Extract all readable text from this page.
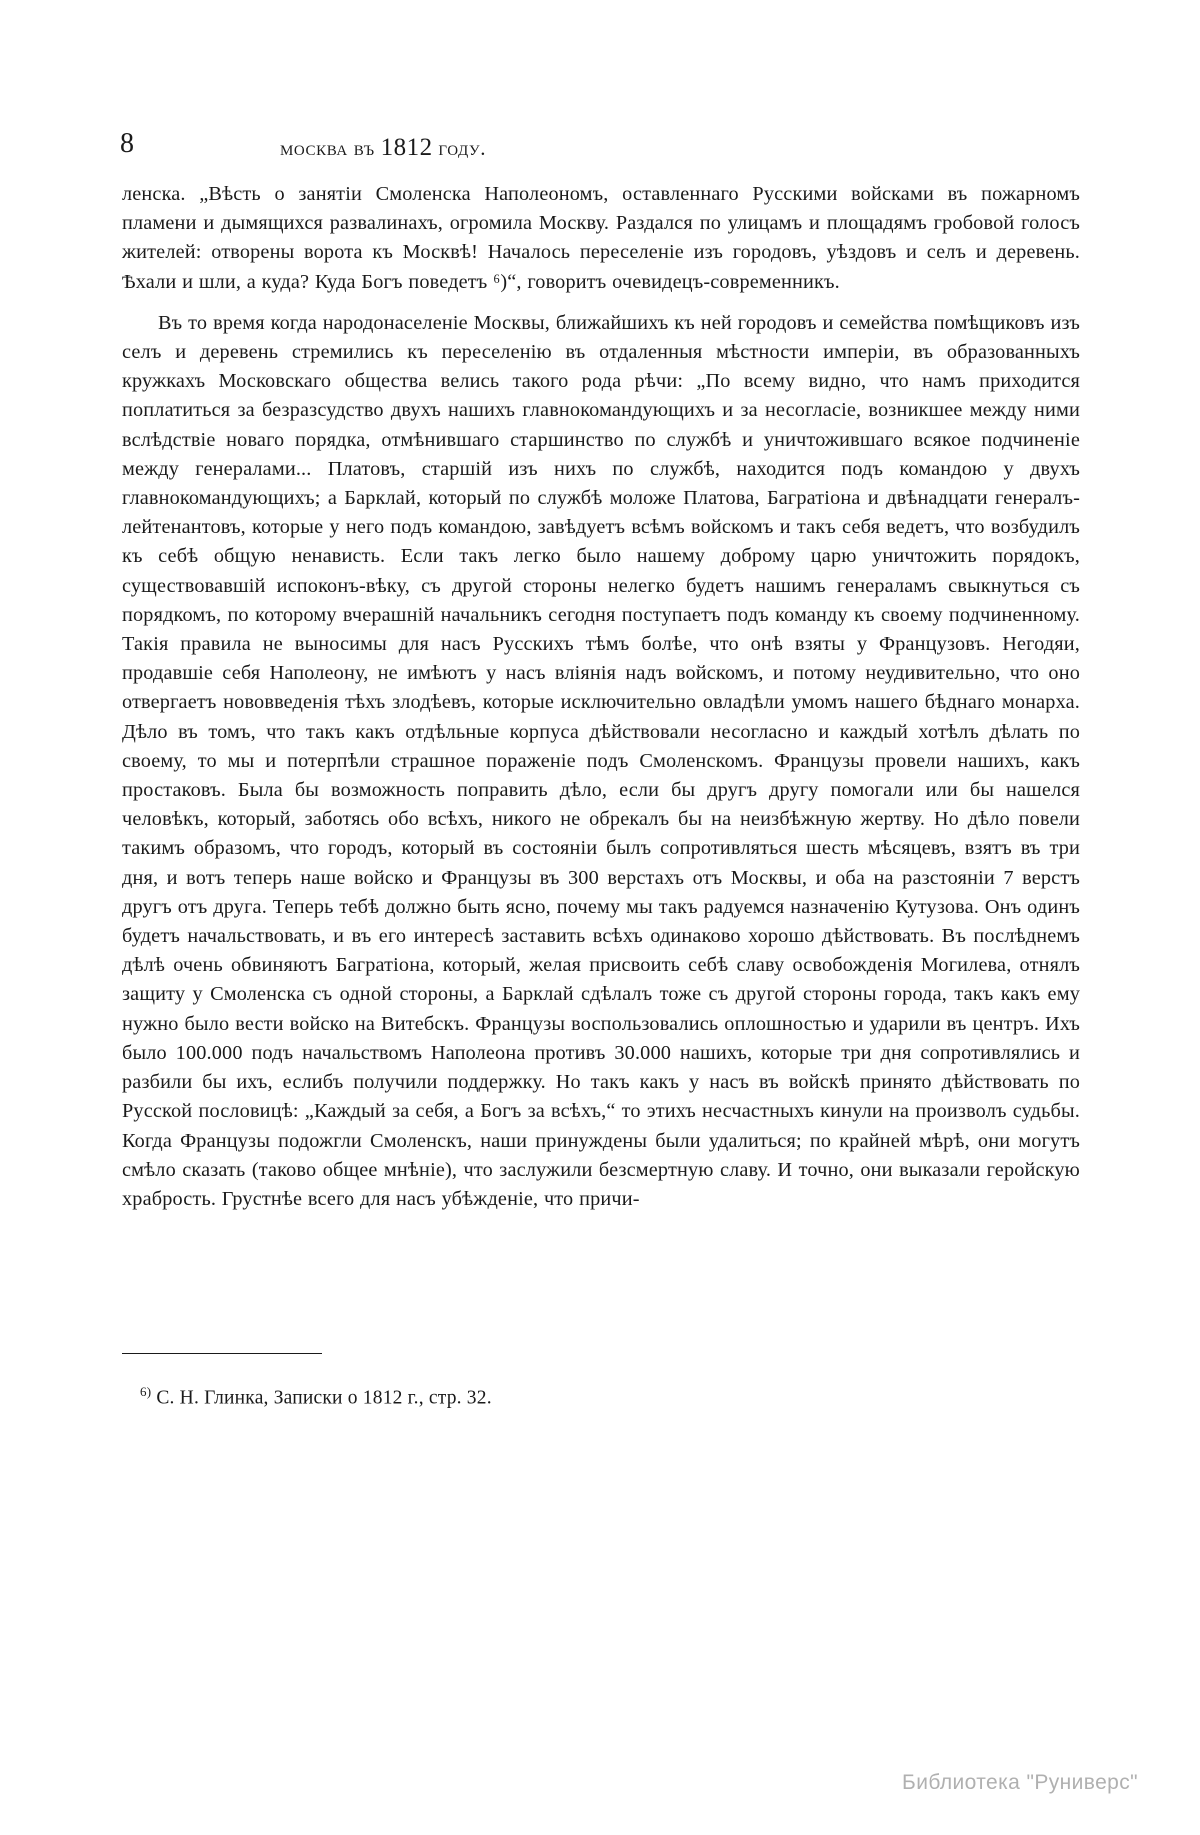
8	москва въ 1812 году.

ленска. „Вѣсть о занятіи Смоленска Наполеономъ, оставленнаго Русскими войсками въ пожарномъ пламени и дымящихся развалинахъ, огромила Москву. Раздался по улицамъ и площадямъ гробовой голосъ жителей: отворены ворота къ Москвѣ! Началось переселеніе изъ городовъ, уѣздовъ и селъ и деревень. Ѣхали и шли, а куда? Куда Богъ поведетъ ⁶)“, говоритъ очевидецъ-современникъ.

Въ то время когда народонаселеніе Москвы, ближайшихъ къ ней городовъ и семейства помѣщиковъ изъ селъ и деревень стремились къ переселенію въ отдаленныя мѣстности имперіи, въ образованныхъ кружкахъ Московскаго общества велись такого рода рѣчи: „По всему видно, что намъ приходится поплатиться за безразсудство двухъ нашихъ главнокомандующихъ и за несогласіе, возникшее между ними вслѣдствіе новаго порядка, отмѣнившаго старшинство по службѣ и уничтожившаго всякое подчиненіе между генералами... Платовъ, старшій изъ нихъ по службѣ, находится подъ командою у двухъ главнокомандующихъ; а Барклай, который по службѣ моложе Платова, Багратіона и двѣнадцати генералъ-лейтенантовъ, которые у него подъ командою, завѣдуетъ всѣмъ войскомъ и такъ себя ведетъ, что возбудилъ къ себѣ общую ненависть. Если такъ легко было нашему доброму царю уничтожить порядокъ, существовавшій испоконъ-вѣку, съ другой стороны нелегко будетъ нашимъ генераламъ свыкнуться съ порядкомъ, по которому вчерашній начальникъ сегодня поступаетъ подъ команду къ своему подчиненному. Такія правила не выносимы для насъ Русскихъ тѣмъ болѣе, что онѣ взяты у Французовъ. Негодяи, продавшіе себя Наполеону, не имѣютъ у насъ вліянія надъ войскомъ, и потому неудивительно, что оно отвергаетъ нововведенія тѣхъ злодѣевъ, которые исключительно овладѣли умомъ нашего бѣднаго монарха. Дѣло въ томъ, что такъ какъ отдѣльные корпуса дѣйствовали несогласно и каждый хотѣлъ дѣлать по своему, то мы и потерпѣли страшное пораженіе подъ Смоленскомъ. Французы провели нашихъ, какъ простаковъ. Была бы возможность поправить дѣло, если бы другъ другу помогали или бы нашелся человѣкъ, который, заботясь обо всѣхъ, никого не обрекалъ бы на неизбѣжную жертву. Но дѣло повели такимъ образомъ, что городъ, который въ состояніи былъ сопротивляться шесть мѣсяцевъ, взятъ въ три дня, и вотъ теперь наше войско и Французы въ 300 верстахъ отъ Москвы, и оба на разстояніи 7 верстъ другъ отъ друга. Теперь тебѣ должно быть ясно, почему мы такъ радуемся назначенію Кутузова. Онъ одинъ будетъ начальствовать, и въ его интересѣ заставить всѣхъ одинаково хорошо дѣйствовать. Въ послѣднемъ дѣлѣ очень обвиняютъ Багратіона, который, желая присвоить себѣ славу освобожденія Могилева, отнялъ защиту у Смоленска съ одной стороны, а Барклай сдѣлалъ тоже съ другой стороны города, такъ какъ ему нужно было вести войско на Витебскъ. Французы воспользовались оплошностью и ударили въ центръ. Ихъ было 100.000 подъ начальствомъ Наполеона противъ 30.000 нашихъ, которые три дня сопротивлялись и разбили бы ихъ, еслибъ получили поддержку. Но такъ какъ у насъ въ войскѣ принято дѣйствовать по Русской пословицѣ: „Каждый за себя, а Богъ за всѣхъ,“ то этихъ несчастныхъ кинули на произволъ судьбы. Когда Французы подожгли Смоленскъ, наши принуждены были удалиться; по крайней мѣрѣ, они могутъ смѣло сказать (таково общее мнѣніе), что заслужили безсмертную славу. И точно, они выказали геройскую храбрость. Грустнѣе всего для насъ убѣжденіе, что причи-

$^{6)}$ С. Н. Глинка, Записки о 1812 г., стр. 32.
Библиотека "Руниверс"
